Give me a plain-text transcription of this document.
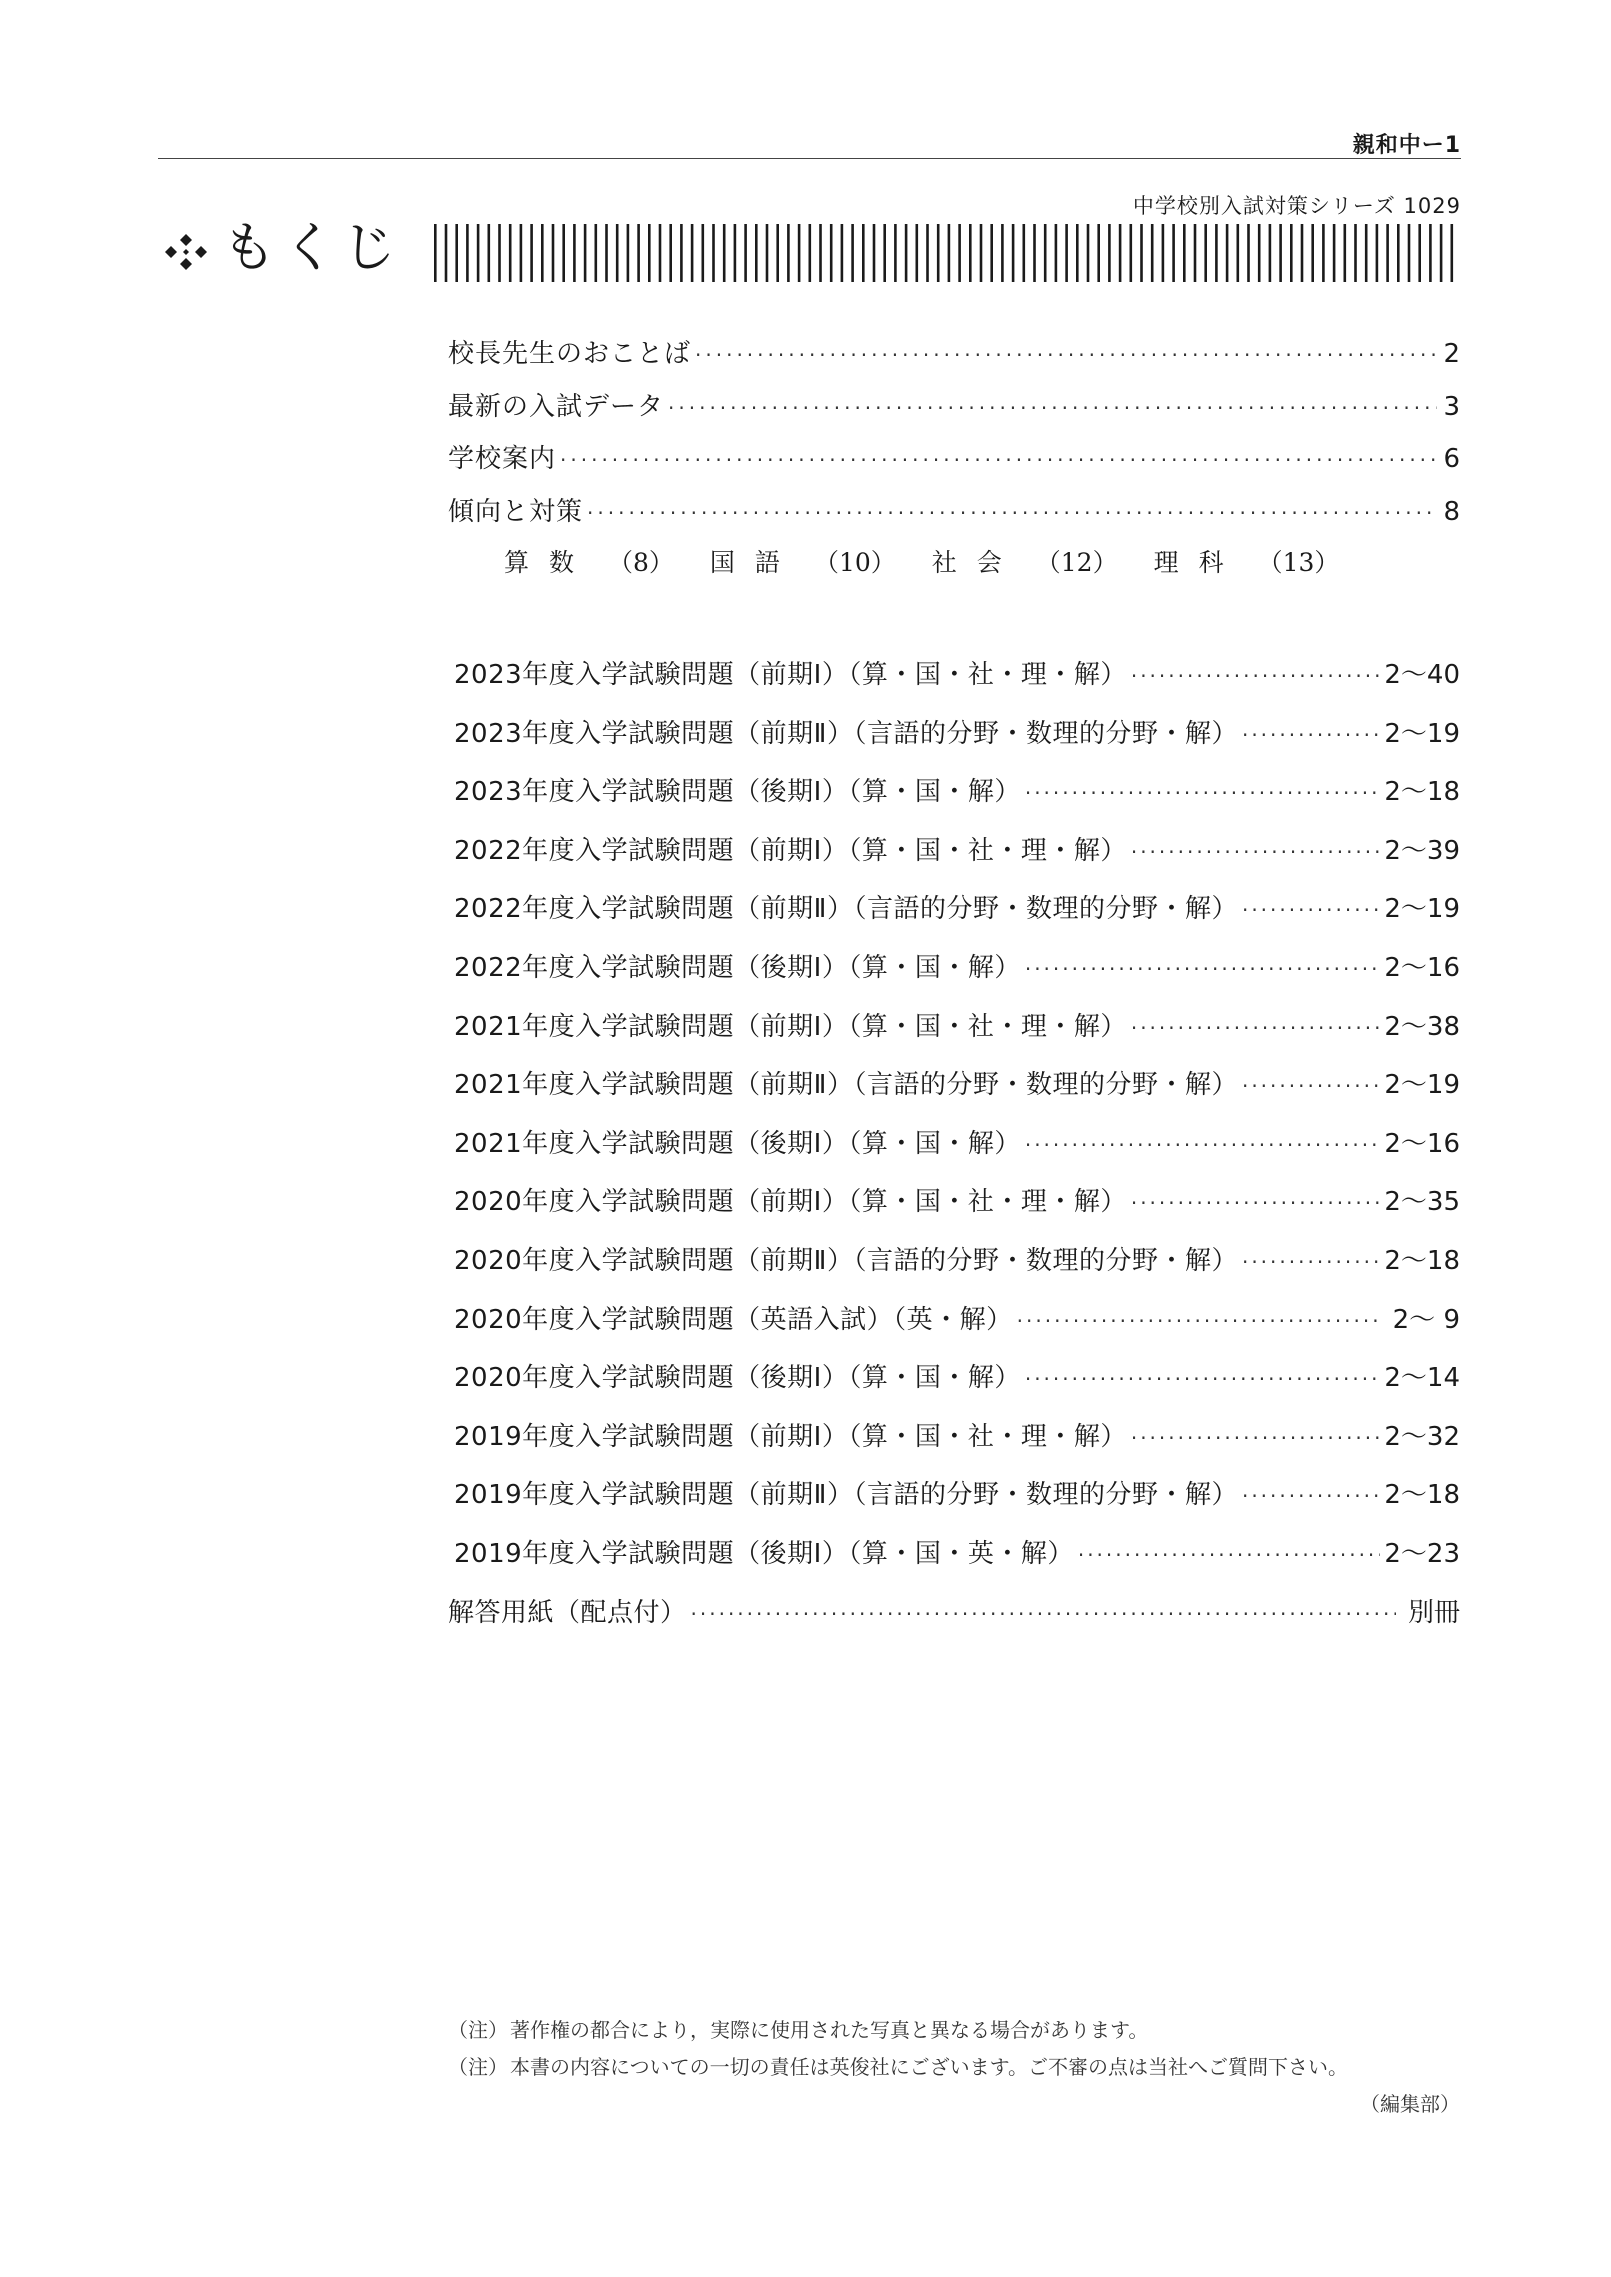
親和中ー1
中学校別入試対策シリーズ 1029
もくじ
校長先生のおことば ·····	2
最新の入試データ ·····	3
学校案内 ·····	6
傾向と対策 ·····	8
算数 （8） 国語 （10） 社会 （12） 理科 （13）
2023年度入学試験問題（前期Ⅰ）（算・国・社・理・解） ·····	2〜40
2023年度入学試験問題（前期Ⅱ）（言語的分野・数理的分野・解） ·····	2〜19
2023年度入学試験問題（後期Ⅰ）（算・国・解） ·····	2〜18
2022年度入学試験問題（前期Ⅰ）（算・国・社・理・解） ·····	2〜39
2022年度入学試験問題（前期Ⅱ）（言語的分野・数理的分野・解） ·····	2〜19
2022年度入学試験問題（後期Ⅰ）（算・国・解） ·····	2〜16
2021年度入学試験問題（前期Ⅰ）（算・国・社・理・解） ·····	2〜38
2021年度入学試験問題（前期Ⅱ）（言語的分野・数理的分野・解） ·····	2〜19
2021年度入学試験問題（後期Ⅰ）（算・国・解） ·····	2〜16
2020年度入学試験問題（前期Ⅰ）（算・国・社・理・解） ·····	2〜35
2020年度入学試験問題（前期Ⅱ）（言語的分野・数理的分野・解） ·····	2〜18
2020年度入学試験問題（英語入試）（英・解） ·····	2〜 9
2020年度入学試験問題（後期Ⅰ）（算・国・解） ·····	2〜14
2019年度入学試験問題（前期Ⅰ）（算・国・社・理・解） ·····	2〜32
2019年度入学試験問題（前期Ⅱ）（言語的分野・数理的分野・解） ·····	2〜18
2019年度入学試験問題（後期Ⅰ）（算・国・英・解） ·····	2〜23
解答用紙（配点付） ·····	別冊
（注） 著作権の都合により，実際に使用された写真と異なる場合があります。
（注） 本書の内容についての一切の責任は英俊社にございます。ご不審の点は当社へご質問下さい。
（編集部）
